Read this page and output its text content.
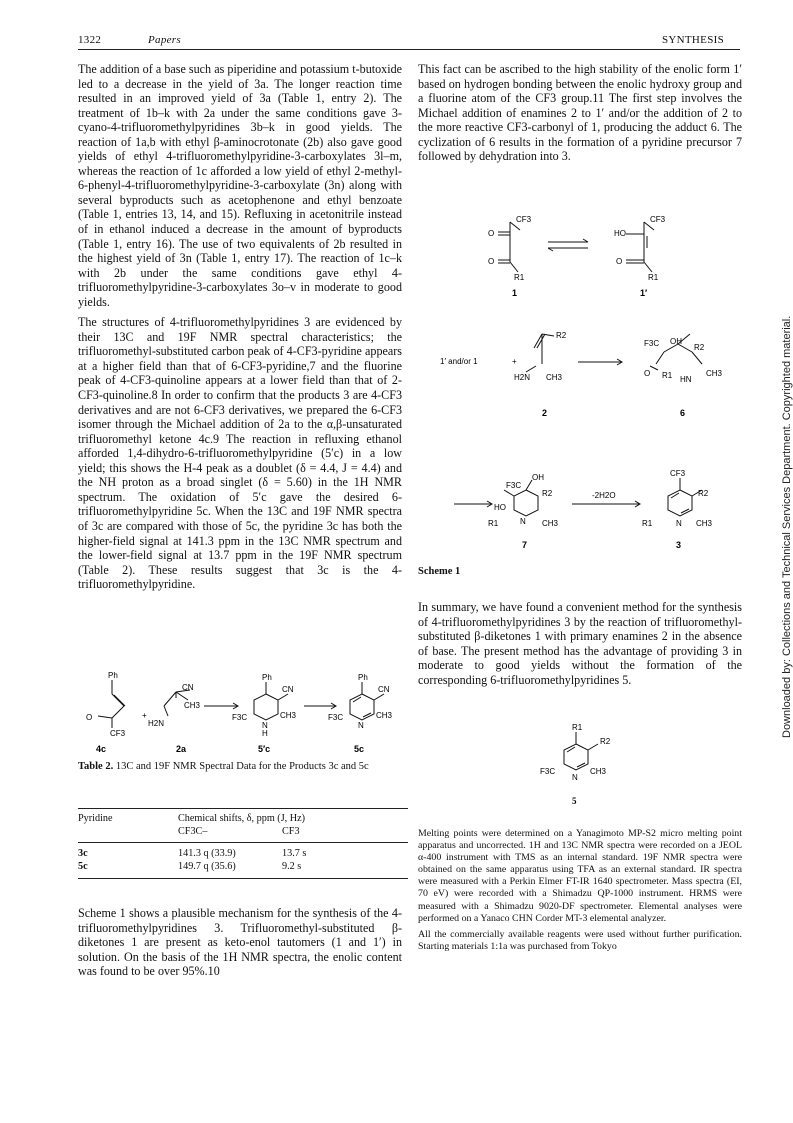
1322	Papers	SYNTHESIS

The addition of a base such as piperidine and potassium t-butoxide led to a decrease in the yield of 3a. The longer reaction time resulted in an improved yield of 3a (Table 1, entry 2). The treatment of 1b–k with 2a under the same conditions gave 3-cyano-4-trifluoromethylpyridines 3b–k in good yields. The reaction of 1a,b with ethyl β-aminocrotonate (2b) also gave good yields of ethyl 4-trifluoromethylpyridine-3-carboxylates 3l–m, whereas the reaction of 1c afforded a low yield of ethyl 2-methyl-6-phenyl-4-trifluoromethylpyridine-3-carboxylate (3n) along with several byproducts such as acetophenone and ethyl benzoate (Table 1, entries 13, 14, and 15). Refluxing in acetonitrile instead of in ethanol induced a decrease in the amount of byproducts (Table 1, entry 16). The use of two equivalents of 2b resulted in the highest yield of 3n (Table 1, entry 17). The reaction of 1c–k with 2b under the same conditions gave ethyl 4-trifluoromethylpyridine-3-carboxylates 3o–v in moderate to good yields.

The structures of 4-trifluoromethylpyridines 3 are evidenced by their 13C and 19F NMR spectral characteristics; the trifluoromethyl-substituted carbon peak of 4-CF3-pyridine appears at a higher field than that of 6-CF3-pyridine,7 and the fluorine peak of 4-CF3-quinoline appears at a lower field than that of 2-CF3-quinoline.8 In order to confirm that the products 3 are 4-CF3 derivatives and are not 6-CF3 derivatives, we prepared the 6-CF3 isomer through the Michael addition of 2a to the α,β-unsaturated trifluoromethyl ketone 4c.9 The reaction in refluxing ethanol afforded 1,4-dihydro-6-trifluoromethylpyridine (5′c) in a low yield; this shows the H-4 peak as a doublet (δ = 4.4, J = 4.4) and the NH proton as a broad singlet (δ = 5.60) in the 1H NMR spectrum. The oxidation of 5′c gave the desired 6-trifluoromethylpyridine 5c. When the 13C and 19F NMR spectra of 3c are compared with those of 5c, the pyridine 3c has both the higher-field signal at 141.3 ppm in the 13C NMR spectrum and the lower-field signal at 13.7 ppm in the 19F NMR spectrum (Table 2). These results suggest that 3c is the 4-trifluoromethylpyridine.

Ph
O
CF3
+
CN
H2N
CH3
Ph
CN
F3C
N
H
CH3
Ph
CN
F3C
N
CH3
4c	2a	5′c	5c
Table 2. 13C and 19F NMR Spectral Data for the Products 3c and 5c
Pyridine	Chemical shifts, δ, ppm (J, Hz)
CF3C–	CF3
3c	141.3 q (33.9)	13.7 s
5c	149.7 q (35.6)	9.2 s

Scheme 1 shows a plausible mechanism for the synthesis of the 4-trifluoromethylpyridines 3. Trifluoromethyl-substituted β-diketones 1 are present as keto-enol tautomers (1 and 1′) in solution. On the basis of the 1H NMR spectra, the enolic content was found to be over 95%.10

This fact can be ascribed to the high stability of the enolic form 1′ based on hydrogen bonding between the enolic hydroxy group and a fluorine atom of the CF3 group.11 The first step involves the Michael addition of enamines 2 to 1′ and/or the addition of 2 to the more reactive CF3-carbonyl of 1, producing the adduct 6. The cyclization of 6 results in the formation of a pyridine precursor 7 followed by dehydration into 3.

CF3
O
O
R1
CF3
HO
O
R1
1′ and/or 1	+
R2
H2N CH3
F3C OH
R2
O R1 HN
CH3
F3C
OH
R2
HO
R1	N CH3
-2H2O
CF3
R2
R1	N CH3
1	1′
2	6
7	3
Scheme 1

In summary, we have found a convenient method for the synthesis of 4-trifluoromethylpyridines 3 by the reaction of trifluoromethyl-substituted β-diketones 1 with primary enamines 2 in the absence of base. The present method has the advantage of providing 3 in moderate to good yields without the formation of the corresponding 6-trifluoromethylpyridines 5.

R1
R2
F3C
N
CH3
5

Melting points were determined on a Yanagimoto MP-S2 micro melting point apparatus and uncorrected. 1H and 13C NMR spectra were recorded on a JEOL α-400 instrument with TMS as an internal standard. 19F NMR spectra were obtained on the same apparatus using TFA as an external standard. IR spectra were measured with a Perkin Elmer FT-IR 1640 spectrometer. Mass spectra (EI, 70 eV) were recorded with a Shimadzu QP-1000 instrument. HRMS were measured with a Shimadzu 9020-DF spectrometer. Elemental analyses were performed on a Yanaco CHN Corder MT-3 elemental analyzer.

All the commercially available reagents were used without further purification. Starting materials 1:1a was purchased from Tokyo

Downloaded by: Collections and Technical Services Department. Copyrighted material.
